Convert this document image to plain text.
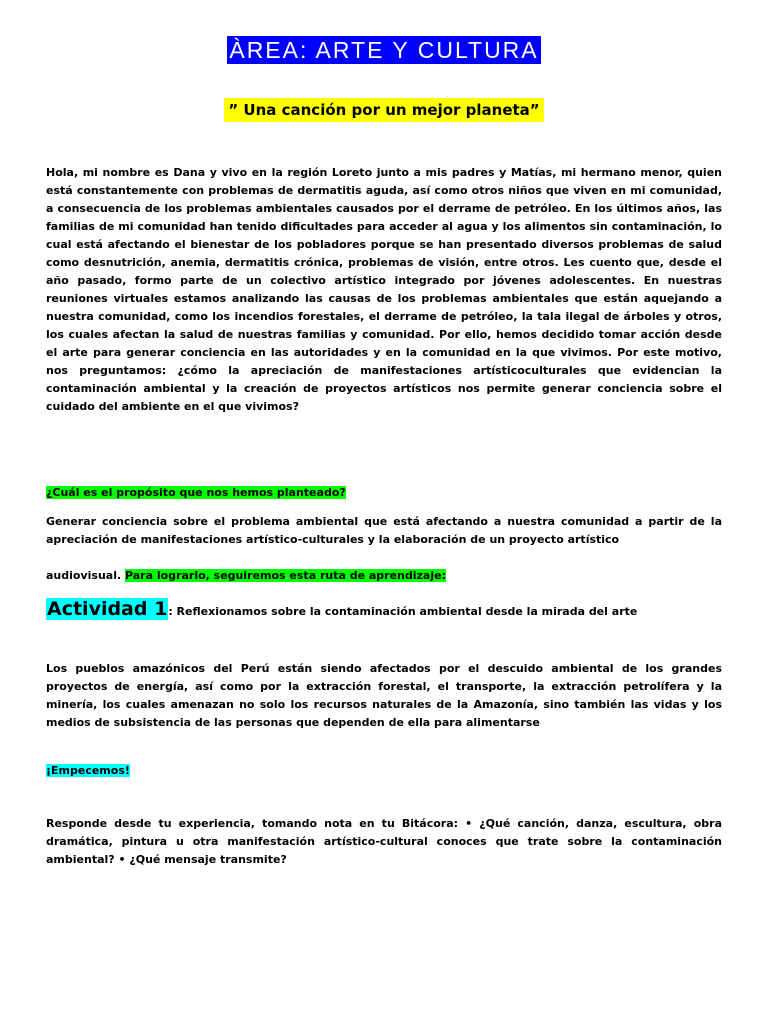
ÀREA: ARTE Y CULTURA
” Una canción por un mejor planeta”

Hola, mi nombre es Dana y vivo en la región Loreto junto a mis padres y Matías, mi hermano menor, quien está constantemente con problemas de dermatitis aguda, así como otros niños que viven en mi comunidad, a consecuencia de los problemas ambientales causados por el derrame de petróleo. En los últimos años, las familias de mi comunidad han tenido dificultades para acceder al agua y los alimentos sin contaminación, lo cual está afectando el bienestar de los pobladores porque se han presentado diversos problemas de salud como desnutrición, anemia, dermatitis crónica, problemas de visión, entre otros. Les cuento que, desde el año pasado, formo parte de un colectivo artístico integrado por jóvenes adolescentes. En nuestras reuniones virtuales estamos analizando las causas de los problemas ambientales que están aquejando a nuestra comunidad, como los incendios forestales, el derrame de petróleo, la tala ilegal de árboles y otros, los cuales afectan la salud de nuestras familias y comunidad. Por ello, hemos decidido tomar acción desde el arte para generar conciencia en las autoridades y en la comunidad en la que vivimos. Por este motivo, nos preguntamos: ¿cómo la apreciación de manifestaciones artísticoculturales que evidencian la contaminación ambiental y la creación de proyectos artísticos nos permite generar conciencia sobre el cuidado del ambiente en el que vivimos?

¿Cuál es el propósito que nos hemos planteado?

Generar conciencia sobre el problema ambiental que está afectando a nuestra comunidad a partir de la apreciación de manifestaciones artístico-culturales y la elaboración de un proyecto artístico

audiovisual. Para lograrlo, seguiremos esta ruta de aprendizaje:

Actividad 1: Reflexionamos sobre la contaminación ambiental desde la mirada del arte

Los pueblos amazónicos del Perú están siendo afectados por el descuido ambiental de los grandes proyectos de energía, así como por la extracción forestal, el transporte, la extracción petrolífera y la minería, los cuales amenazan no solo los recursos naturales de la Amazonía, sino también las vidas y los medios de subsistencia de las personas que dependen de ella para alimentarse

¡Empecemos!

Responde desde tu experiencia, tomando nota en tu Bitácora: • ¿Qué canción, danza, escultura, obra dramática, pintura u otra manifestación artístico-cultural conoces que trate sobre la contaminación ambiental? • ¿Qué mensaje transmite?
